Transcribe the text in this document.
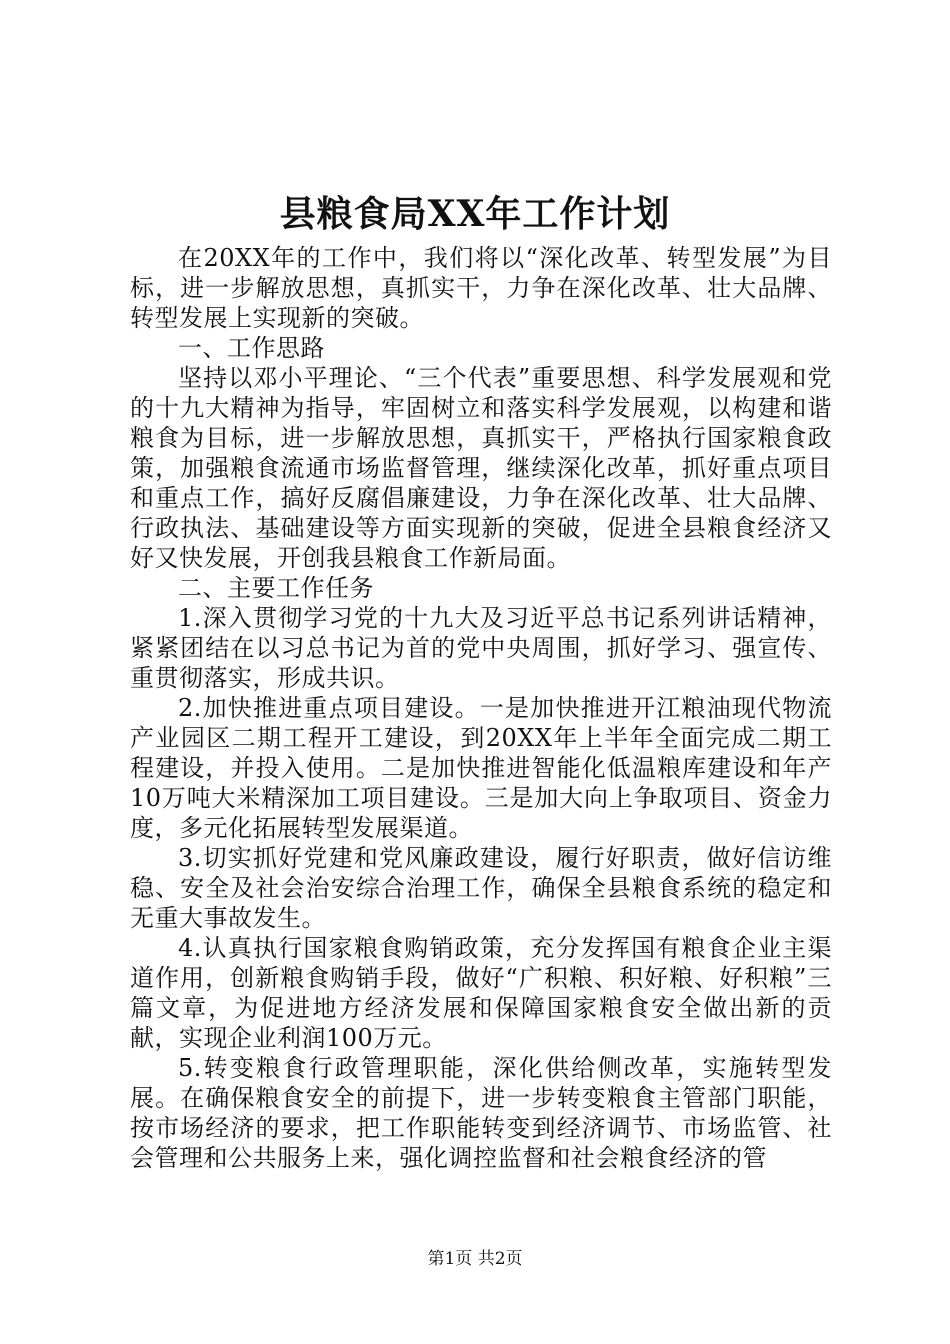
县粮食局XX年工作计划

在20XX年的工作中，我们将以“深化改革、转型发展”为目标，进一步解放思想，真抓实干，力争在深化改革、壮大品牌、转型发展上实现新的突破。

一、工作思路

坚持以邓小平理论、“三个代表”重要思想、科学发展观和党的十九大精神为指导，牢固树立和落实科学发展观，以构建和谐粮食为目标，进一步解放思想，真抓实干，严格执行国家粮食政策，加强粮食流通市场监督管理，继续深化改革，抓好重点项目和重点工作，搞好反腐倡廉建设，力争在深化改革、壮大品牌、行政执法、基础建设等方面实现新的突破，促进全县粮食经济又好又快发展，开创我县粮食工作新局面。

二、主要工作任务

1.深入贯彻学习党的十九大及习近平总书记系列讲话精神，紧紧团结在以习总书记为首的党中央周围，抓好学习、强宣传、重贯彻落实，形成共识。

2.加快推进重点项目建设。一是加快推进开江粮油现代物流产业园区二期工程开工建设，到20XX年上半年全面完成二期工程建设，并投入使用。二是加快推进智能化低温粮库建设和年产10万吨大米精深加工项目建设。三是加大向上争取项目、资金力度，多元化拓展转型发展渠道。

3.切实抓好党建和党风廉政建设，履行好职责，做好信访维稳、安全及社会治安综合治理工作，确保全县粮食系统的稳定和无重大事故发生。

4.认真执行国家粮食购销政策，充分发挥国有粮食企业主渠道作用，创新粮食购销手段，做好“广积粮、积好粮、好积粮”三篇文章，为促进地方经济发展和保障国家粮食安全做出新的贡献，实现企业利润100万元。

5.转变粮食行政管理职能，深化供给侧改革，实施转型发展。在确保粮食安全的前提下，进一步转变粮食主管部门职能，按市场经济的要求，把工作职能转变到经济调节、市场监管、社会管理和公共服务上来，强化调控监督和社会粮食经济的管

第1页 共2页
